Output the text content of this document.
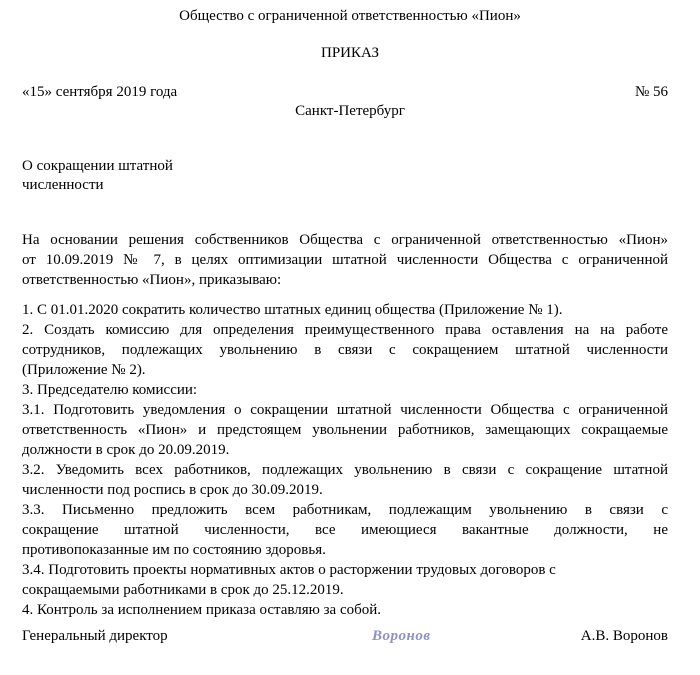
Общество с ограниченной ответственностью «Пион»
ПРИКАЗ
«15» сентября 2019 года	№ 56
Санкт-Петербург
О сокращении штатной
численности
На основании решения собственников Общества с ограниченной ответственностью «Пион»
от 10.09.2019 № 7, в целях оптимизации штатной численности Общества с ограниченной
ответственностью «Пион», приказываю:
1. С 01.01.2020 сократить количество штатных единиц общества (Приложение № 1).
2. Создать комиссию для определения преимущественного права оставления на на работе
сотрудников, подлежащих увольнению в связи с сокращением штатной численности
(Приложение № 2).
3. Председателю комиссии:
3.1. Подготовить уведомления о сокращении штатной численности Общества с ограниченной
ответственность «Пион» и предстоящем увольнении работников, замещающих сокращаемые
должности в срок до 20.09.2019.
3.2. Уведомить всех работников, подлежащих увольнению в связи с сокращение штатной
численности под роспись в срок до 30.09.2019.
3.3. Письменно предложить всем работникам, подлежащим увольнению в связи с
сокращение штатной численности, все имеющиеся вакантные должности, не
противопоказанные им по состоянию здоровья.
3.4. Подготовить проекты нормативных актов о расторжении трудовых договоров с
сокращаемыми работниками в срок до 25.12.2019.
4. Контроль за исполнением приказа оставляю за собой.
Генеральный директор	Воронов	А.В. Воронов
